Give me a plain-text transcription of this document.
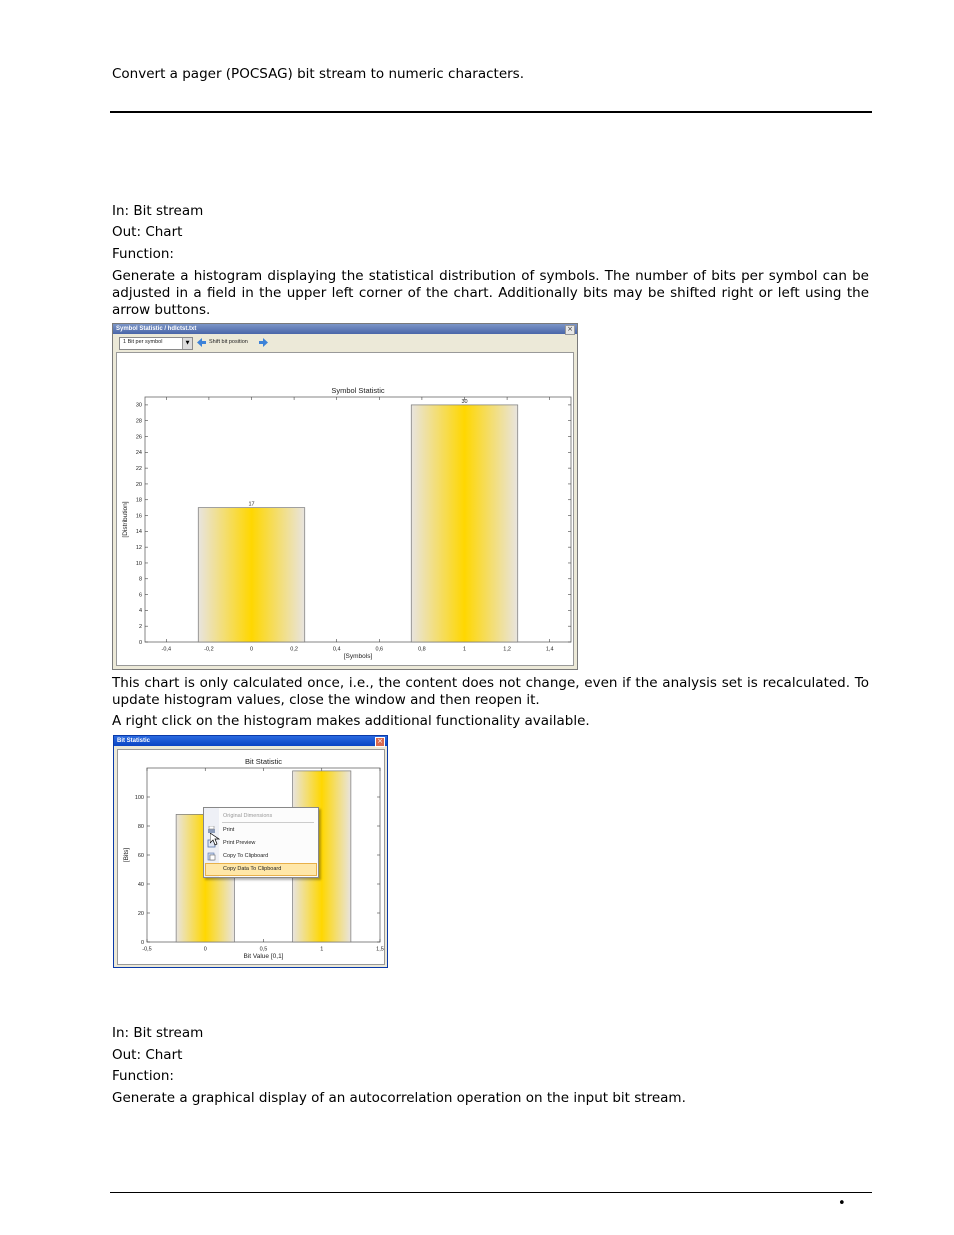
Convert a pager (POCSAG) bit stream to numeric characters.
In: Bit stream
Out: Chart
Function:
Generate a histogram displaying the statistical distribution of symbols. The number of bits per symbol can be adjusted in a field in the upper left corner of the chart. Additionally bits may be shifted right or left using the arrow buttons.
Symbol Statistic / hdlctst.txt	×
1 Bit per symbol	▼	Shift bit position
Symbol Statistic
0
2
4
6
8
10
12
14
16
18
20
22
24
26
28
30
-0,4	-0,2	0	0,2	0,4	0,6	0,8	1	1,2	1,4
17
30
[Symbols]
[Distribution]
This chart is only calculated once, i.e., the content does not change, even if the analysis set is recalculated. To update histogram values, close the window and then reopen it.
A right click on the histogram makes additional functionality available.
Bit Statistic	×
Bit Statistic
0
20
40
60
80
100
-0,5	0	0,5	1	1,5
Bit Value [0,1]
[Bits]
Original Dimensions
Print
Print Preview
Copy To Clipboard
Copy Data To Clipboard
In: Bit stream
Out: Chart
Function:
Generate a graphical display of an autocorrelation operation on the input bit stream.
•
